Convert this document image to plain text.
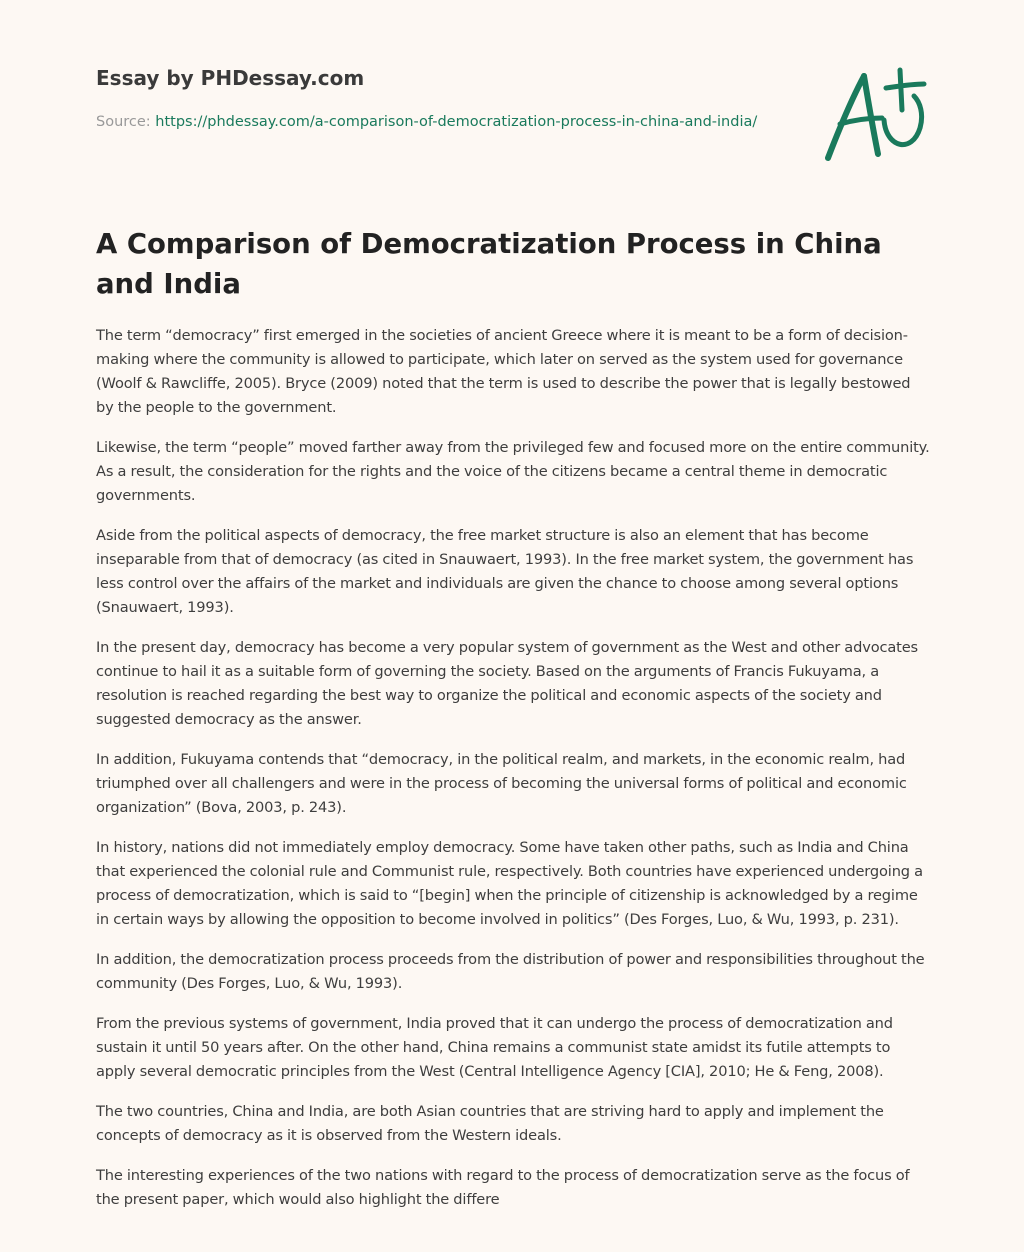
Essay by PHDessay.com
Source: https://phdessay.com/a-comparison-of-democratization-process-in-china-and-india/
A Comparison of Democratization Process in China and India

The term “democracy” first emerged in the societies of ancient Greece where it is meant to be a form of decision-making where the community is allowed to participate, which later on served as the system used for governance (Woolf & Rawcliffe, 2005). Bryce (2009) noted that the term is used to describe the power that is legally bestowed by the people to the government.

Likewise, the term “people” moved farther away from the privileged few and focused more on the entire community. As a result, the consideration for the rights and the voice of the citizens became a central theme in democratic governments.

Aside from the political aspects of democracy, the free market structure is also an element that has become inseparable from that of democracy (as cited in Snauwaert, 1993). In the free market system, the government has less control over the affairs of the market and individuals are given the chance to choose among several options (Snauwaert, 1993).

In the present day, democracy has become a very popular system of government as the West and other advocates continue to hail it as a suitable form of governing the society. Based on the arguments of Francis Fukuyama, a resolution is reached regarding the best way to organize the political and economic aspects of the society and suggested democracy as the answer.

In addition, Fukuyama contends that “democracy, in the political realm, and markets, in the economic realm, had triumphed over all challengers and were in the process of becoming the universal forms of political and economic organization” (Bova, 2003, p. 243).

In history, nations did not immediately employ democracy. Some have taken other paths, such as India and China that experienced the colonial rule and Communist rule, respectively. Both countries have experienced undergoing a process of democratization, which is said to “[begin] when the principle of citizenship is acknowledged by a regime in certain ways by allowing the opposition to become involved in politics” (Des Forges, Luo, & Wu, 1993, p. 231).

In addition, the democratization process proceeds from the distribution of power and responsibilities throughout the community (Des Forges, Luo, & Wu, 1993).

From the previous systems of government, India proved that it can undergo the process of democratization and sustain it until 50 years after. On the other hand, China remains a communist state amidst its futile attempts to apply several democratic principles from the West (Central Intelligence Agency [CIA], 2010; He & Feng, 2008).

The two countries, China and India, are both Asian countries that are striving hard to apply and implement the concepts of democracy as it is observed from the Western ideals.

The interesting experiences of the two nations with regard to the process of democratization serve as the focus of the present paper, which would also highlight the differe
